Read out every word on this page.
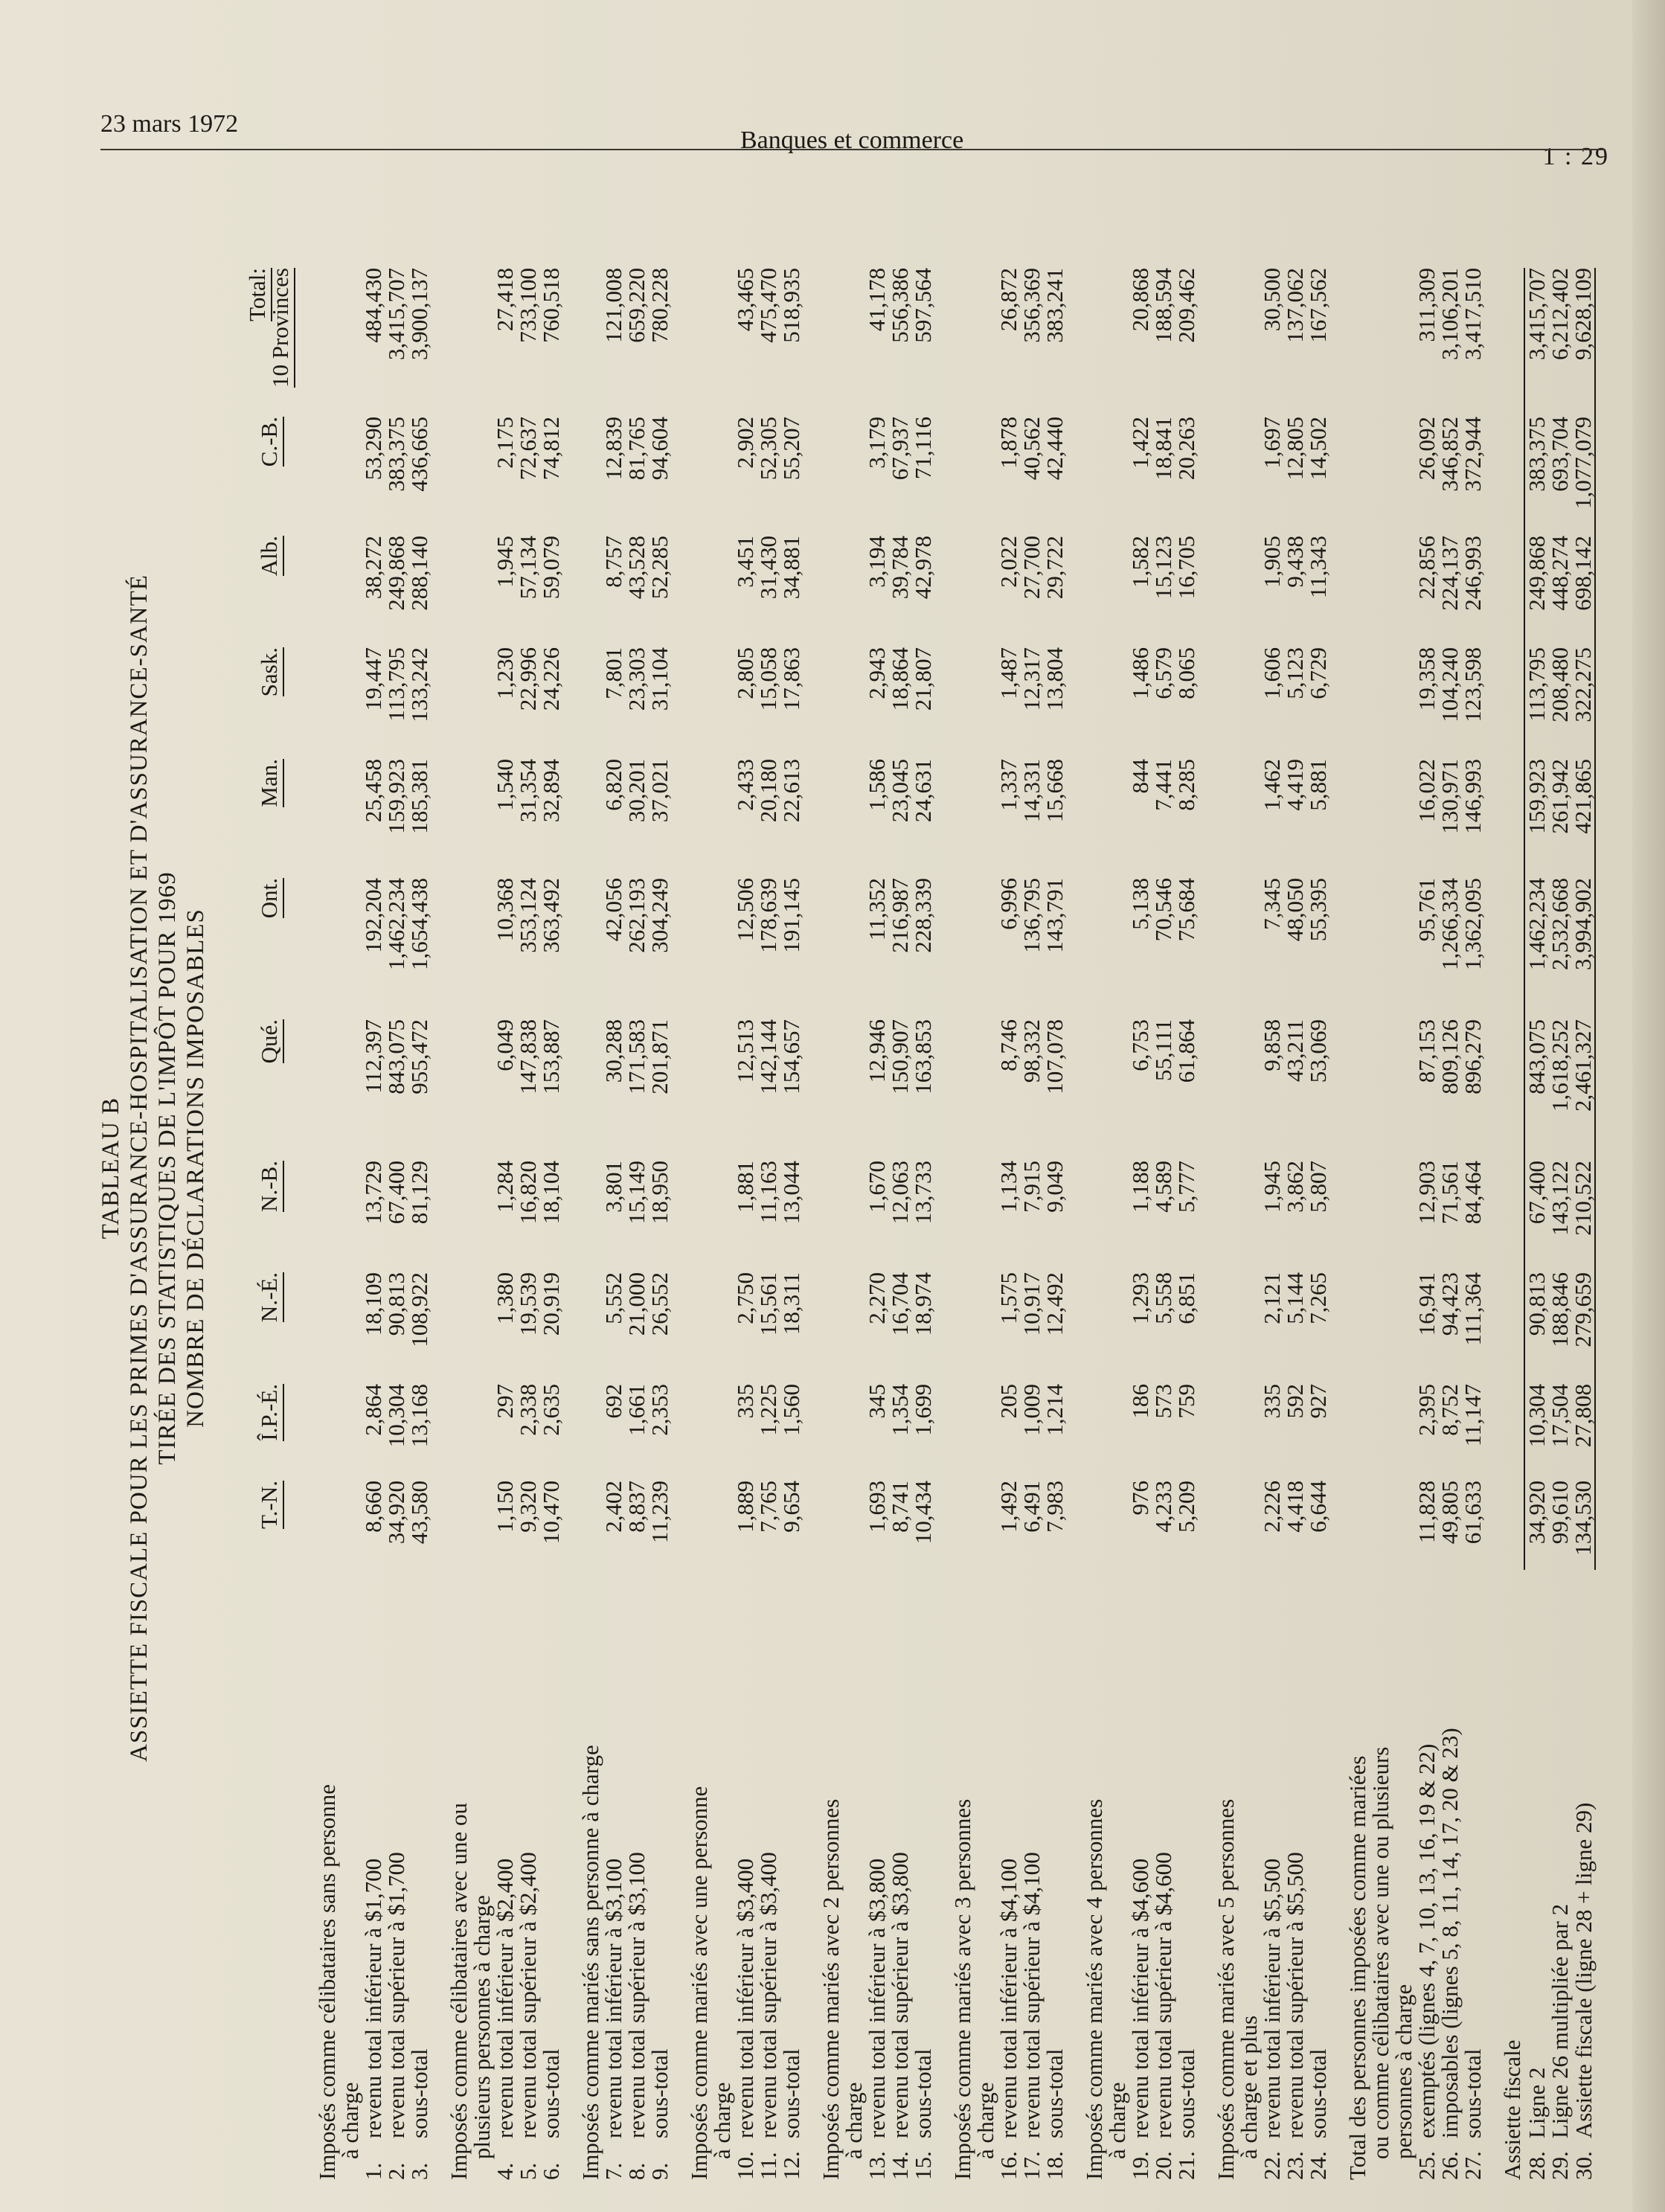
23 mars 1972
Banques et commerce
1 : 29
TABLEAU B ASSIETTE FISCALE POUR LES PRIMES D'ASSURANCE-HOSPITALISATION ET D'ASSURANCE-SANTÉ TIRÉE DES STATISTIQUES DE L'IMPÔT POUR 1969 NOMBRE DE DÉCLARATIONS IMPOSABLES
	T.-N.	Î.P.-É.	N.-É.	N.-B.	Qué.	Ont.	Man.	Sask.	Alb.	C.-B.	Total:
10 Provinces
Imposés comme célibataires sans personne											
à charge											
1.revenu total inférieur à $1,700	8,660	2,864	18,109	13,729	112,397	192,204	25,458	19,447	38,272	53,290	484,430
2.revenu total supérieur à $1,700	34,920	10,304	90,813	67,400	843,075	1,462,234	159,923	113,795	249,868	383,375	3,415,707
3.sous-total	43,580	13,168	108,922	81,129	955,472	1,654,438	185,381	133,242	288,140	436,665	3,900,137
Imposés comme célibataires avec une ou											
plusieurs personnes à charge											
4.revenu total inférieur à $2,400	1,150	297	1,380	1,284	6,049	10,368	1,540	1,230	1,945	2,175	27,418
5.revenu total supérieur à $2,400	9,320	2,338	19,539	16,820	147,838	353,124	31,354	22,996	57,134	72,637	733,100
6.sous-total	10,470	2,635	20,919	18,104	153,887	363,492	32,894	24,226	59,079	74,812	760,518
Imposés comme mariés sans personne à charge											
7.revenu total inférieur à $3,100	2,402	692	5,552	3,801	30,288	42,056	6,820	7,801	8,757	12,839	121,008
8.revenu total supérieur à $3,100	8,837	1,661	21,000	15,149	171,583	262,193	30,201	23,303	43,528	81,765	659,220
9.sous-total	11,239	2,353	26,552	18,950	201,871	304,249	37,021	31,104	52,285	94,604	780,228
Imposés comme mariés avec une personne											
à charge											
10.revenu total inférieur à $3,400	1,889	335	2,750	1,881	12,513	12,506	2,433	2,805	3,451	2,902	43,465
11.revenu total supérieur à $3,400	7,765	1,225	15,561	11,163	142,144	178,639	20,180	15,058	31,430	52,305	475,470
12.sous-total	9,654	1,560	18,311	13,044	154,657	191,145	22,613	17,863	34,881	55,207	518,935
Imposés comme mariés avec 2 personnes											
à charge											
13.revenu total inférieur à $3,800	1,693	345	2,270	1,670	12,946	11,352	1,586	2,943	3,194	3,179	41,178
14.revenu total supérieur à $3,800	8,741	1,354	16,704	12,063	150,907	216,987	23,045	18,864	39,784	67,937	556,386
15.sous-total	10,434	1,699	18,974	13,733	163,853	228,339	24,631	21,807	42,978	71,116	597,564
Imposés comme mariés avec 3 personnes											
à charge											
16.revenu total inférieur à $4,100	1,492	205	1,575	1,134	8,746	6,996	1,337	1,487	2,022	1,878	26,872
17.revenu total supérieur à $4,100	6,491	1,009	10,917	7,915	98,332	136,795	14,331	12,317	27,700	40,562	356,369
18.sous-total	7,983	1,214	12,492	9,049	107,078	143,791	15,668	13,804	29,722	42,440	383,241
Imposés comme mariés avec 4 personnes											
à charge											
19.revenu total inférieur à $4,600	976	186	1,293	1,188	6,753	5,138	844	1,486	1,582	1,422	20,868
20.revenu total supérieur à $4,600	4,233	573	5,558	4,589	55,111	70,546	7,441	6,579	15,123	18,841	188,594
21.sous-total	5,209	759	6,851	5,777	61,864	75,684	8,285	8,065	16,705	20,263	209,462
Imposés comme mariés avec 5 personnes											
à charge et plus											
22.revenu total inférieur à $5,500	2,226	335	2,121	1,945	9,858	7,345	1,462	1,606	1,905	1,697	30,500
23.revenu total supérieur à $5,500	4,418	592	5,144	3,862	43,211	48,050	4,419	5,123	9,438	12,805	137,062
24.sous-total	6,644	927	7,265	5,807	53,069	55,395	5,881	6,729	11,343	14,502	167,562
Total des personnes imposées comme mariées											
ou comme célibataires avec une ou plusieurs											
personnes à charge											
25.exemptés (lignes 4, 7, 10, 13, 16, 19 & 22)	11,828	2,395	16,941	12,903	87,153	95,761	16,022	19,358	22,856	26,092	311,309
26.imposables (lignes 5, 8, 11, 14, 17, 20 & 23)	49,805	8,752	94,423	71,561	809,126	1,266,334	130,971	104,240	224,137	346,852	3,106,201
27.sous-total	61,633	11,147	111,364	84,464	896,279	1,362,095	146,993	123,598	246,993	372,944	3,417,510
Assiette fiscale											
28.Ligne 2	34,920	10,304	90,813	67,400	843,075	1,462,234	159,923	113,795	249,868	383,375	3,415,707
29.Ligne 26 multipliée par 2	99,610	17,504	188,846	143,122	1,618,252	2,532,668	261,942	208,480	448,274	693,704	6,212,402
30.Assiette fiscale (ligne 28 + ligne 29)	134,530	27,808	279,659	210,522	2,461,327	3,994,902	421,865	322,275	698,142	1,077,079	9,628,109
